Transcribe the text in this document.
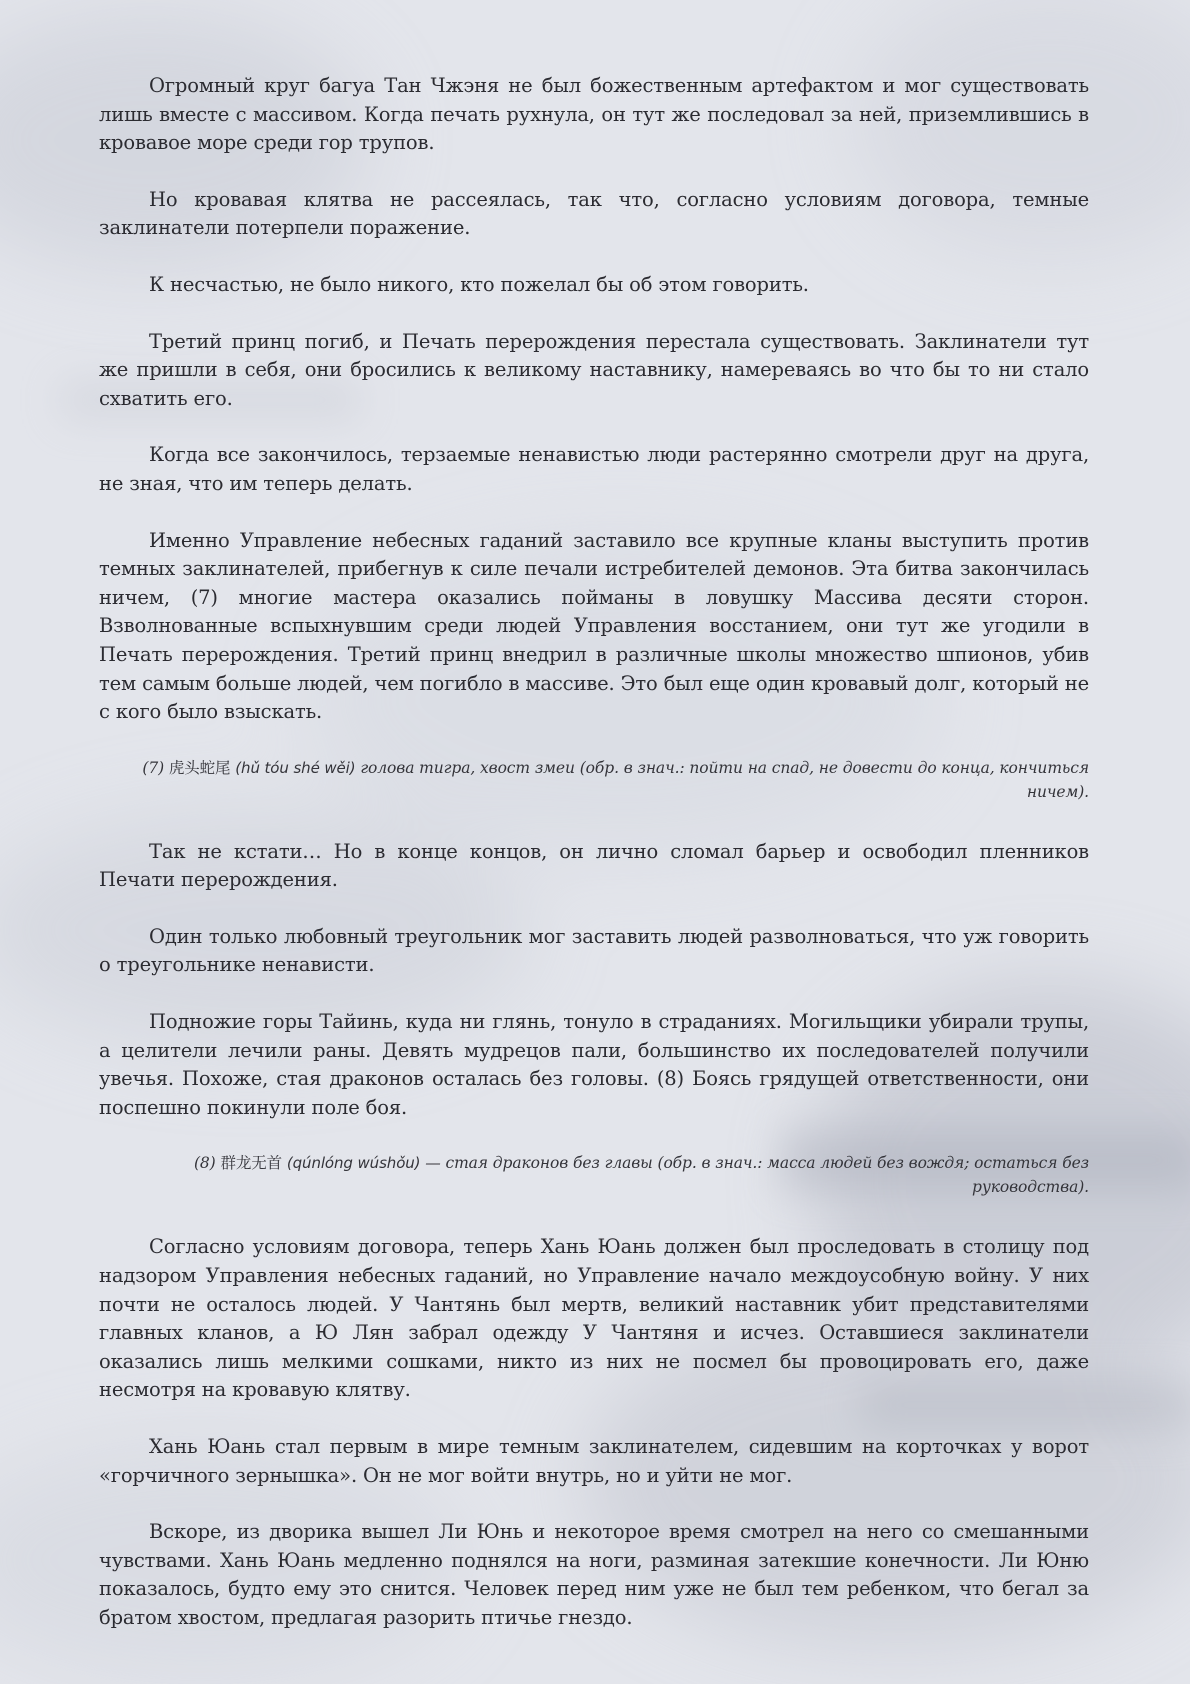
Огромный круг багуа Тан Чжэня не был божественным артефактом и мог существовать лишь вместе с массивом. Когда печать рухнула, он тут же последовал за ней, приземлившись в кровавое море среди гор трупов.

Но кровавая клятва не рассеялась, так что, согласно условиям договора, темные заклинатели потерпели поражение.

К несчастью, не было никого, кто пожелал бы об этом говорить.

Третий принц погиб, и Печать перерождения перестала существовать. Заклинатели тут же пришли в себя, они бросились к великому наставнику, намереваясь во что бы то ни стало схватить его.

Когда все закончилось, терзаемые ненавистью люди растерянно смотрели друг на друга, не зная, что им теперь делать.

Именно Управление небесных гаданий заставило все крупные кланы выступить против темных заклинателей, прибегнув к силе печали истребителей демонов. Эта битва закончилась ничем, (7) многие мастера оказались пойманы в ловушку Массива десяти сторон. Взволнованные вспыхнувшим среди людей Управления восстанием, они тут же угодили в Печать перерождения. Третий принц внедрил в различные школы множество шпионов, убив тем самым больше людей, чем погибло в массиве. Это был еще один кровавый долг, который не с кого было взыскать.

(7) 虎头蛇尾 (hǔ tóu shé wěi) голова тигра, хвост змеи (обр. в знач.: пойти на спад, не довести до конца, кончиться ничем).

Так не кстати… Но в конце концов, он лично сломал барьер и освободил пленников Печати перерождения.

Один только любовный треугольник мог заставить людей разволноваться, что уж говорить о треугольнике ненависти.

Подножие горы Тайинь, куда ни глянь, тонуло в страданиях. Могильщики убирали трупы, а целители лечили раны. Девять мудрецов пали, большинство их последователей получили увечья. Похоже, стая драконов осталась без головы. (8) Боясь грядущей ответственности, они поспешно покинули поле боя.

(8) 群龙无首 (qúnlóng wúshǒu) — стая драконов без главы (обр. в знач.: масса людей без вождя; остаться без руководства).

Согласно условиям договора, теперь Хань Юань должен был проследовать в столицу под надзором Управления небесных гаданий, но Управление начало междоусобную войну. У них почти не осталось людей. У Чантянь был мертв, великий наставник убит представителями главных кланов, а Ю Лян забрал одежду У Чантяня и исчез. Оставшиеся заклинатели оказались лишь мелкими сошками, никто из них не посмел бы провоцировать его, даже несмотря на кровавую клятву.

Хань Юань стал первым в мире темным заклинателем, сидевшим на корточках у ворот «горчичного зернышка». Он не мог войти внутрь, но и уйти не мог.

Вскоре, из дворика вышел Ли Юнь и некоторое время смотрел на него со смешанными чувствами. Хань Юань медленно поднялся на ноги, разминая затекшие конечности. Ли Юню показалось, будто ему это снится. Человек перед ним уже не был тем ребенком, что бегал за братом хвостом, предлагая разорить птичье гнездо.
